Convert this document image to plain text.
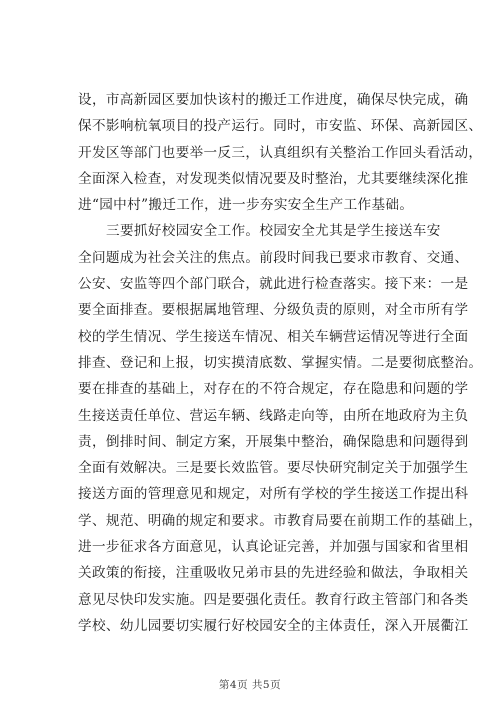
设，市高新园区要加快该村的搬迁工作进度，确保尽快完成，确
保不影响杭氧项目的投产运行。同时，市安监、环保、高新园区、
开发区等部门也要举一反三，认真组织有关整治工作回头看活动，
全面深入检查，对发现类似情况要及时整治，尤其要继续深化推
进“园中村”搬迁工作，进一步夯实安全生产工作基础。
三要抓好校园安全工作。校园安全尤其是学生接送车安
全问题成为社会关注的焦点。前段时间我已要求市教育、交通、
公安、安监等四个部门联合，就此进行检查落实。接下来：一是
要全面排查。要根据属地管理、分级负责的原则，对全市所有学
校的学生情况、学生接送车情况、相关车辆营运情况等进行全面
排查、登记和上报，切实摸清底数、掌握实情。二是要彻底整治。
要在排查的基础上，对存在的不符合规定，存在隐患和问题的学
生接送责任单位、营运车辆、线路走向等，由所在地政府为主负
责，倒排时间、制定方案，开展集中整治，确保隐患和问题得到
全面有效解决。三是要长效监管。要尽快研究制定关于加强学生
接送方面的管理意见和规定，对所有学校的学生接送工作提出科
学、规范、明确的规定和要求。市教育局要在前期工作的基础上，
进一步征求各方面意见，认真论证完善，并加强与国家和省里相
关政策的衔接，注重吸收兄弟市县的先进经验和做法，争取相关
意见尽快印发实施。四是要强化责任。教育行政主管部门和各类
学校、幼儿园要切实履行好校园安全的主体责任，深入开展衢江
第4页 共5页
